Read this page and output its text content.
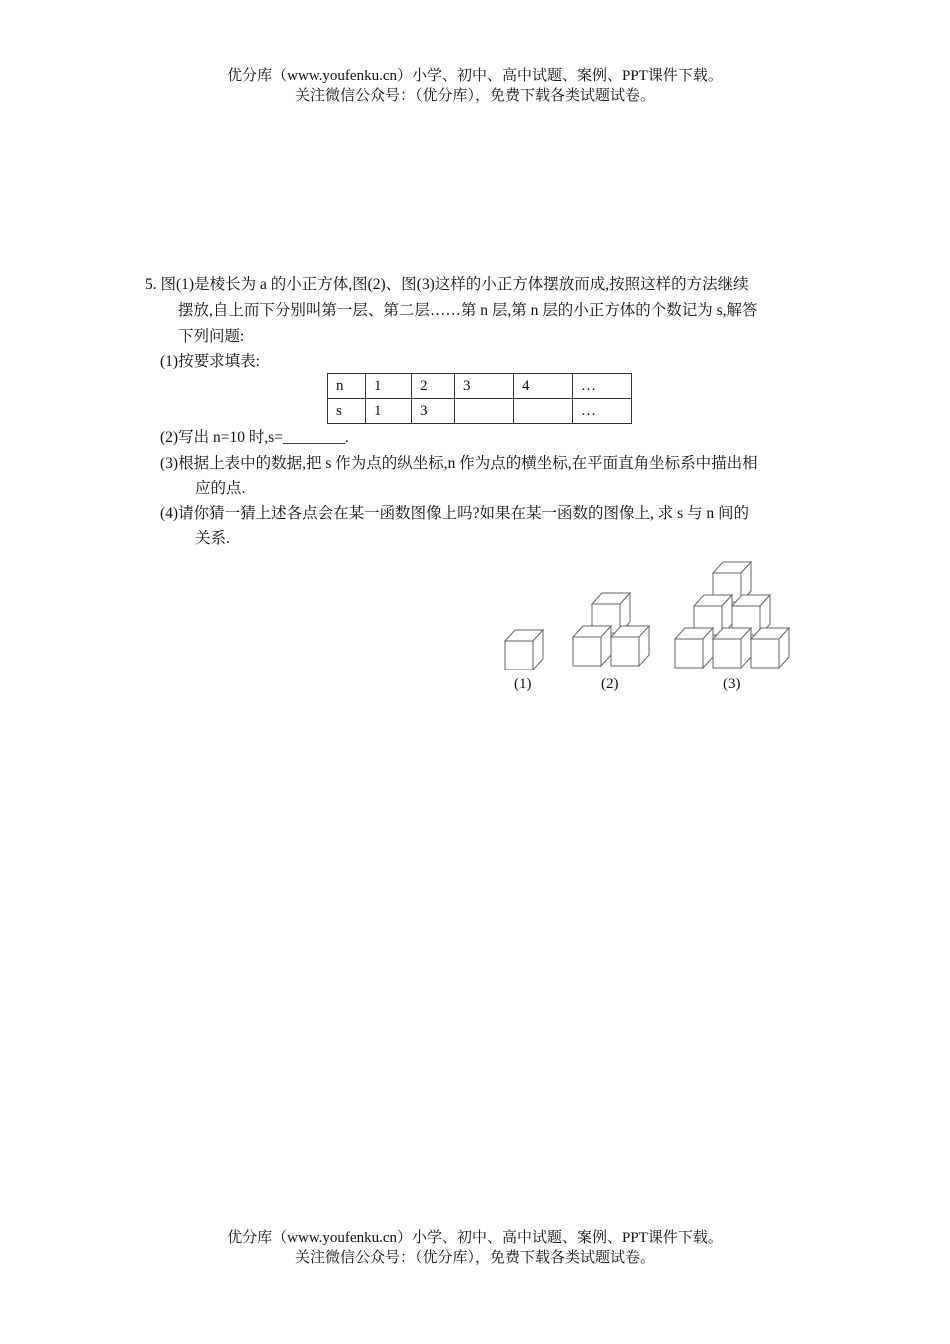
优分库（www.youfenku.cn）小学、初中、高中试题、案例、PPT课件下载。
关注微信公众号：（优分库），免费下载各类试题试卷。
5. 图(1)是棱长为 a 的小正方体,图(2)、图(3)这样的小正方体摆放而成,按照这样的方法继续
摆放,自上而下分别叫第一层、第二层……第 n 层,第 n 层的小正方体的个数记为 s,解答
下列问题:
(1)按要求填表:
n	1	2	3	4	…
s	1	3			…
(2)写出 n=10 时,s=________.
(3)根据上表中的数据,把 s 作为点的纵坐标,n 作为点的横坐标,在平面直角坐标系中描出相
应的点.
(4)请你猜一猜上述各点会在某一函数图像上吗?如果在某一函数的图像上, 求 s 与 n 间的
关系.
(1)	(2)	(3)
优分库（www.youfenku.cn）小学、初中、高中试题、案例、PPT课件下载。
关注微信公众号：（优分库），免费下载各类试题试卷。
